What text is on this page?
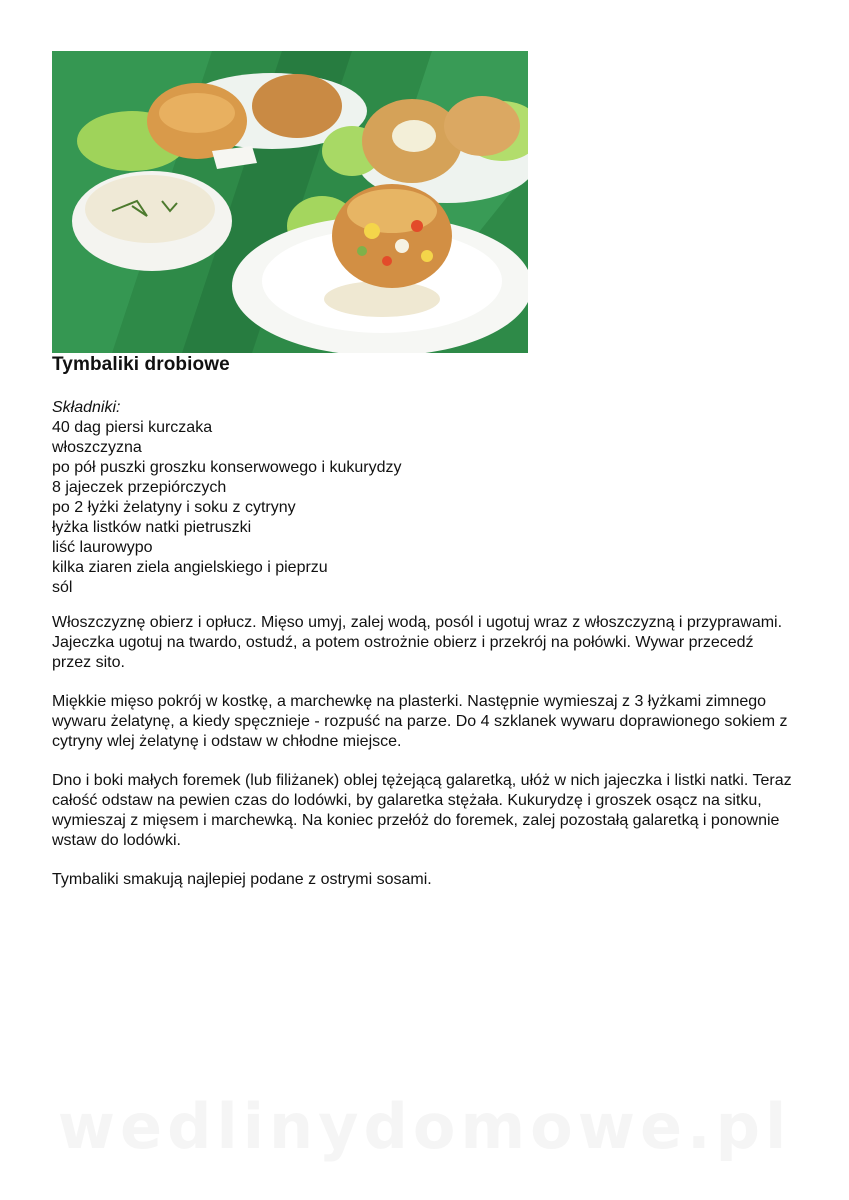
Tymbaliki drobiowe
Składniki:
40 dag piersi kurczaka
włoszczyzna
po pół puszki groszku konserwowego i kukurydzy
8 jajeczek przepiórczych
po 2 łyżki żelatyny i soku z cytryny
łyżka listków natki pietruszki
liść laurowypo
kilka ziaren ziela angielskiego i pieprzu
sól

Włoszczyznę obierz i opłucz. Mięso umyj, zalej wodą, posól i ugotuj wraz z włoszczyzną i przyprawami. Jajeczka ugotuj na twardo, ostudź, a potem ostrożnie obierz i przekrój na połówki. Wywar przecedź przez sito.

Miękkie mięso pokrój w kostkę, a marchewkę na plasterki. Następnie wymieszaj z 3 łyżkami zimnego wywaru żelatynę, a kiedy spęcznieje - rozpuść na parze. Do 4 szklanek wywaru doprawionego sokiem z cytryny wlej żelatynę i odstaw w chłodne miejsce.

Dno i boki małych foremek (lub filiżanek) oblej tężejącą galaretką, ułóż w nich jajeczka i listki natki. Teraz całość odstaw na pewien czas do lodówki, by galaretka stężała. Kukurydzę i groszek osącz na sitku, wymieszaj z mięsem i marchewką. Na koniec przełóż do foremek, zalej pozostałą galaretką i ponownie wstaw do lodówki.

Tymbaliki smakują najlepiej podane z ostrymi sosami.

wedlinydomowe.pl
